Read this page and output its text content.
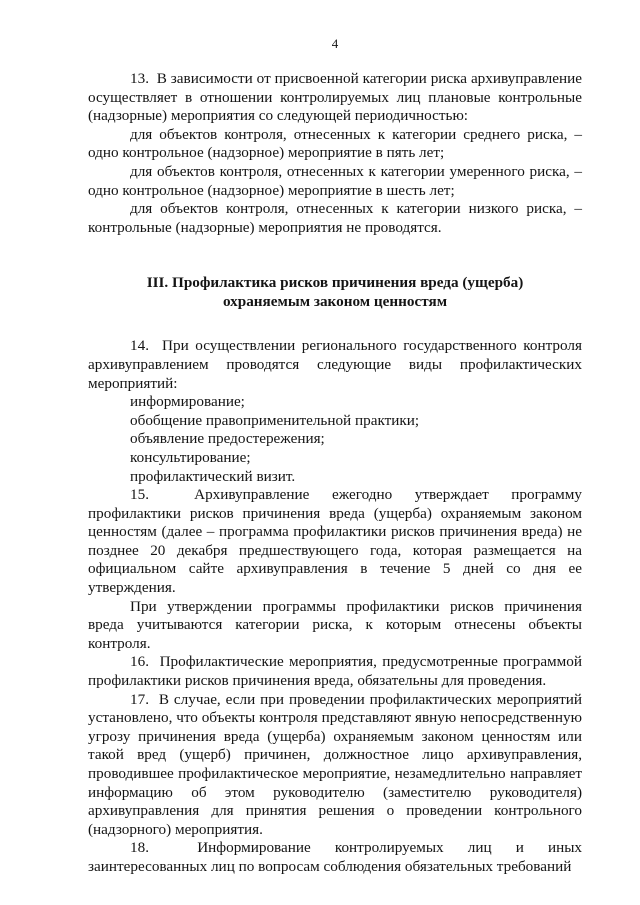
4

13.  В зависимости от присвоенной категории риска архивуправление осуществляет в отношении контролируемых лиц плановые контрольные (надзорные) мероприятия со следующей периодичностью:

для объектов контроля, отнесенных к категории среднего риска, – одно контрольное (надзорное) мероприятие в пять лет;

для объектов контроля, отнесенных к категории умеренного риска, – одно контрольное (надзорное) мероприятие в шесть лет;

для объектов контроля, отнесенных к категории низкого риска, – контрольные (надзорные) мероприятия не проводятся.

III. Профилактика рисков причинения вреда (ущерба)
охраняемым законом ценностям

14.  При осуществлении регионального государственного контроля архивуправлением проводятся следующие виды профилактических мероприятий:

информирование;
обобщение правоприменительной практики;
объявление предостережения;
консультирование;
профилактический визит.

15.  Архивуправление ежегодно утверждает программу профилактики рисков причинения вреда (ущерба) охраняемым законом ценностям (далее – программа профилактики рисков причинения вреда) не позднее 20 декабря предшествующего года, которая размещается на официальном сайте архивуправления в течение 5 дней со дня ее утверждения.

При утверждении программы профилактики рисков причинения вреда учитываются категории риска, к которым отнесены объекты контроля.

16.  Профилактические мероприятия, предусмотренные программой профилактики рисков причинения вреда, обязательны для проведения.

17.  В случае, если при проведении профилактических мероприятий установлено, что объекты контроля представляют явную непосредственную угрозу причинения вреда (ущерба) охраняемым законом ценностям или такой вред (ущерб) причинен, должностное лицо архивуправления, проводившее профилактическое мероприятие, незамедлительно направляет информацию об этом руководителю (заместителю руководителя) архивуправления для принятия решения о проведении контрольного (надзорного) мероприятия.

18.  Информирование контролируемых лиц и иных заинтересованных лиц по вопросам соблюдения обязательных требований
